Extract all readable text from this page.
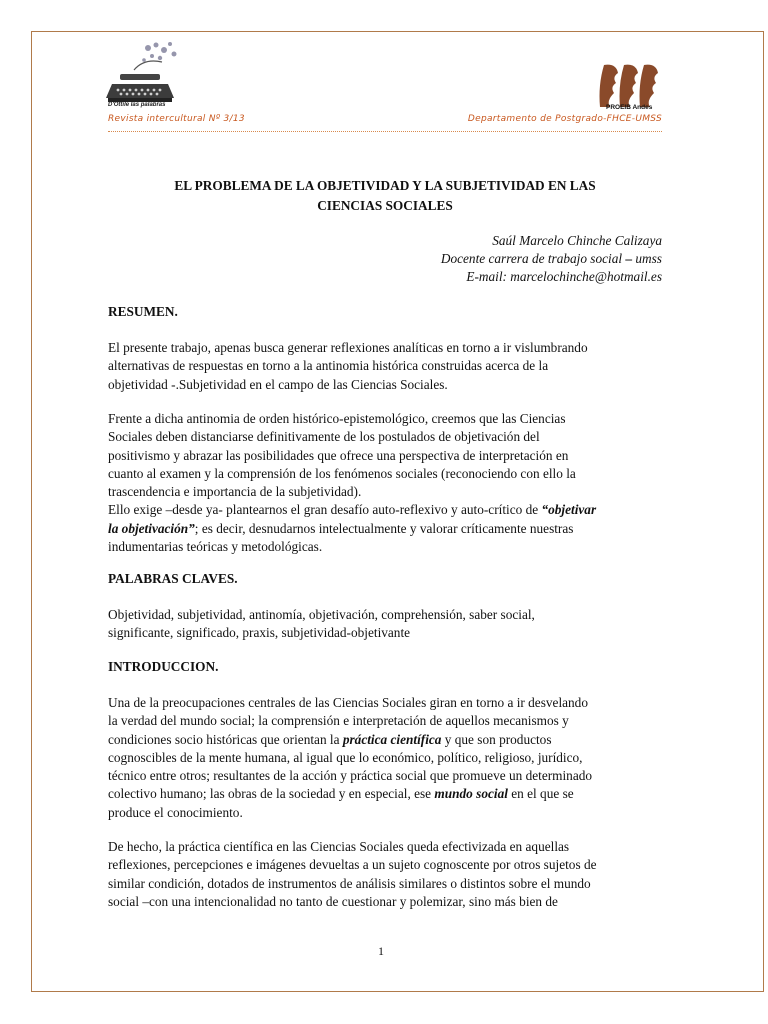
D'Ottile las palabras	PROEIB Andes
Revista intercultural Nº 3/13	Departamento de Postgrado-FHCE-UMSS
EL PROBLEMA DE LA OBJETIVIDAD Y LA SUBJETIVIDAD EN LAS
CIENCIAS SOCIALES
Saúl Marcelo Chinche Calizaya
Docente carrera de trabajo social – umss
E-mail: marcelochinche@hotmail.es
RESUMEN.
El presente trabajo, apenas busca generar reflexiones analíticas en torno a ir vislumbrando
alternativas de respuestas en torno a la antinomia histórica construidas acerca de la
objetividad -.Subjetividad en el campo de las Ciencias Sociales.
Frente a dicha antinomia de orden histórico-epistemológico, creemos que las Ciencias
Sociales deben distanciarse definitivamente de los postulados de objetivación del
positivismo y abrazar las posibilidades que ofrece una perspectiva de interpretación en
cuanto al examen y la comprensión de los fenómenos sociales (reconociendo con ello la
trascendencia e importancia de la subjetividad).
Ello exige –desde ya- plantearnos el gran desafío auto-reflexivo y auto-crítico de “objetivar
la objetivación”; es decir, desnudarnos intelectualmente y valorar críticamente nuestras
indumentarias teóricas y metodológicas.
PALABRAS CLAVES.
Objetividad, subjetividad, antinomía, objetivación, comprehensión, saber social,
significante, significado, praxis, subjetividad-objetivante
INTRODUCCION.
Una de la preocupaciones centrales de las Ciencias Sociales giran en torno a ir desvelando
la verdad del mundo social; la comprensión e interpretación de aquellos mecanismos y
condiciones socio históricas que orientan la práctica científica y que son productos
cognoscibles de la mente humana, al igual que lo económico, político, religioso, jurídico,
técnico entre otros; resultantes de la acción y práctica social que promueve un determinado
colectivo humano; las obras de la sociedad y en especial, ese mundo social en el que se
produce el conocimiento.
De hecho, la práctica científica en las Ciencias Sociales queda efectivizada en aquellas
reflexiones, percepciones e imágenes devueltas a un sujeto cognoscente por otros sujetos de
similar condición, dotados de instrumentos de análisis similares o distintos sobre el mundo
social –con una intencionalidad no tanto de cuestionar y polemizar, sino más bien de
1
